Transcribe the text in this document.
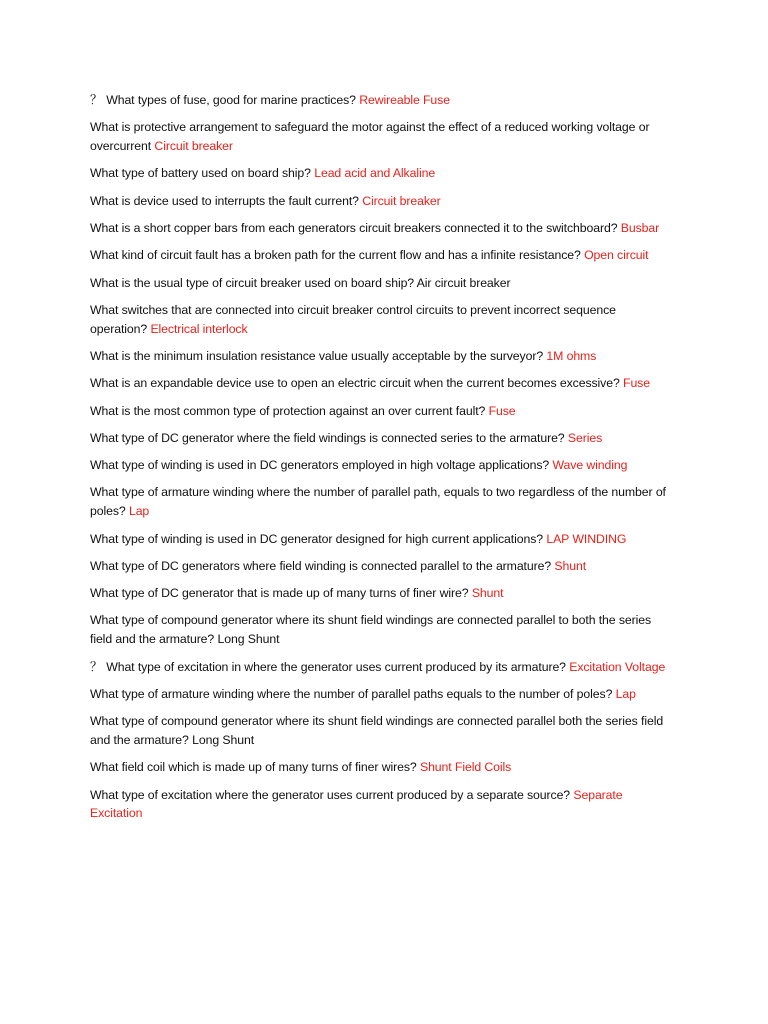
？ What types of fuse, good for marine practices? Rewireable Fuse

What is protective arrangement to safeguard the motor against the effect of a reduced working voltage or overcurrent Circuit breaker

What type of battery used on board ship? Lead acid and Alkaline

What is device used to interrupts the fault current? Circuit breaker

What is a short copper bars from each generators circuit breakers connected it to the switchboard? Busbar

What kind of circuit fault has a broken path for the current flow and has a infinite resistance? Open circuit

What is the usual type of circuit breaker used on board ship? Air circuit breaker

What switches that are connected into circuit breaker control circuits to prevent incorrect sequence operation? Electrical interlock

What is the minimum insulation resistance value usually acceptable by the surveyor? 1M ohms

What is an expandable device use to open an electric circuit when the current becomes excessive? Fuse

What is the most common type of protection against an over current fault? Fuse

What type of DC generator where the field windings is connected series to the armature? Series

What type of winding is used in DC generators employed in high voltage applications? Wave winding

What type of armature winding where the number of parallel path, equals to two regardless of the number of poles? Lap

What type of winding is used in DC generator designed for high current applications? LAP WINDING

What type of DC generators where field winding is connected parallel to the armature? Shunt

What type of DC generator that is made up of many turns of finer wire? Shunt

What type of compound generator where its shunt field windings are connected parallel to both the series field and the armature? Long Shunt

？ What type of excitation in where the generator uses current produced by its armature? Excitation Voltage

What type of armature winding where the number of parallel paths equals to the number of poles? Lap

What type of compound generator where its shunt field windings are connected parallel both the series field and the armature? Long Shunt

What field coil which is made up of many turns of finer wires? Shunt Field Coils

What type of excitation where the generator uses current produced by a separate source? Separate Excitation
